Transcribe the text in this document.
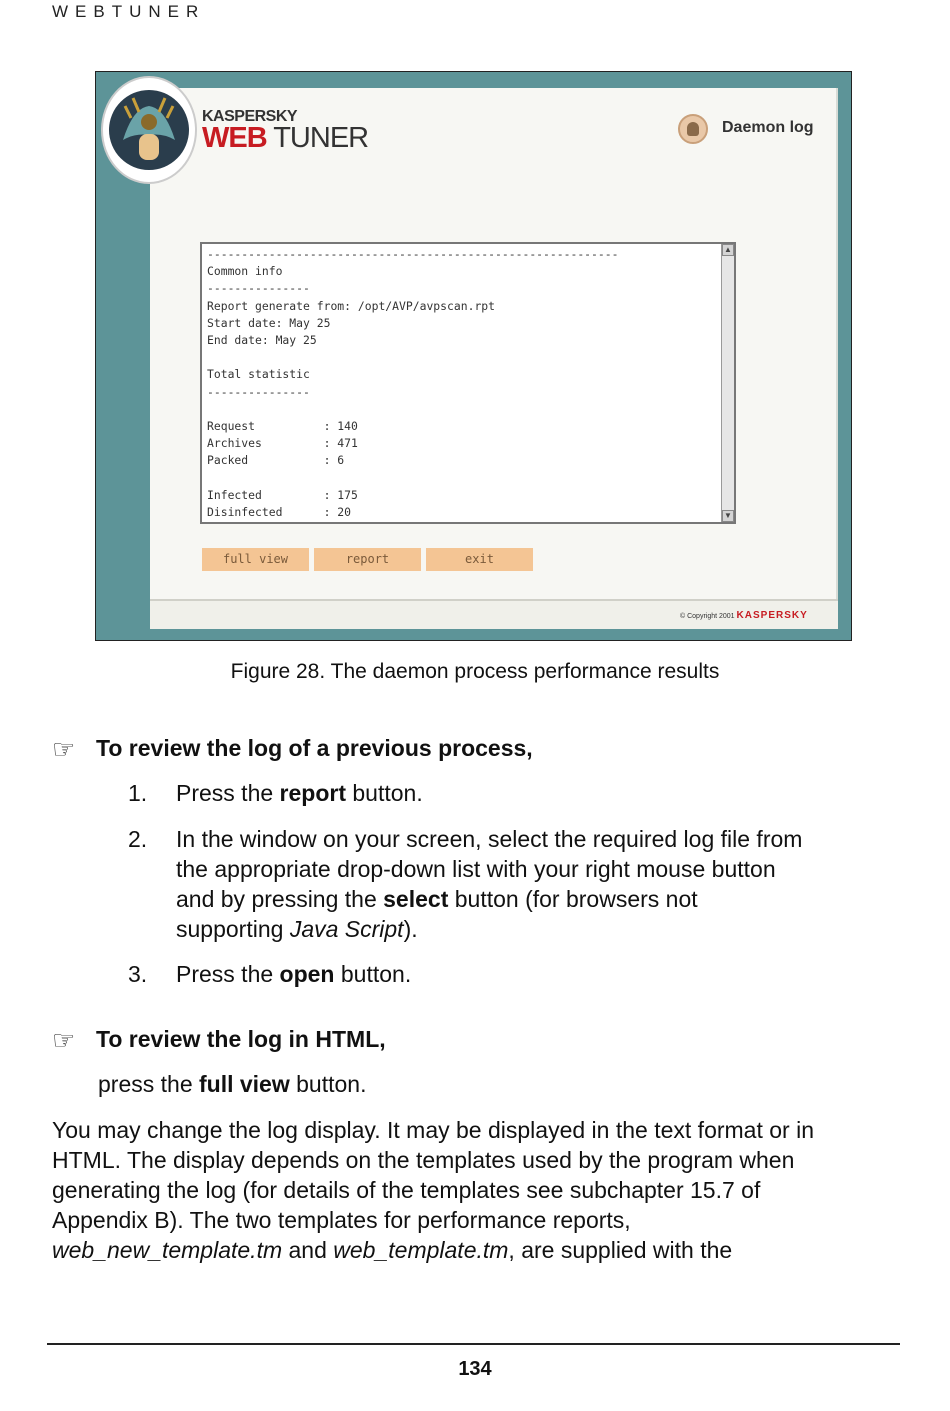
WEBTUNER
KASPERSKY
WEB TUNER	Daemon log
------------------------------------------------------------
Common info
---------------
Report generate from: /opt/AVP/avpscan.rpt
Start date: May 25
End date: May 25

Total statistic
---------------

Request          : 140
Archives         : 471
Packed           : 6

Infected         : 175
Disinfected      : 20
▲
▼
full view	report	exit
© Copyright 2001 KASPERSKY
Figure 28. The daemon process performance results
☞ To review the log of a previous process,
1. Press the report button.
2. In the window on your screen, select the required log file from
the appropriate drop-down list with your right mouse button
and by pressing the select button (for browsers not
supporting Java Script).
3. Press the open button.
☞ To review the log in HTML,
press the full view button.
You may change the log display. It may be displayed in the text format or in
HTML. The display depends on the templates used by the program when
generating the log (for details of the templates see subchapter 15.7 of
Appendix B). The two templates for performance reports,
web_new_template.tm and web_template.tm, are supplied with the
134
